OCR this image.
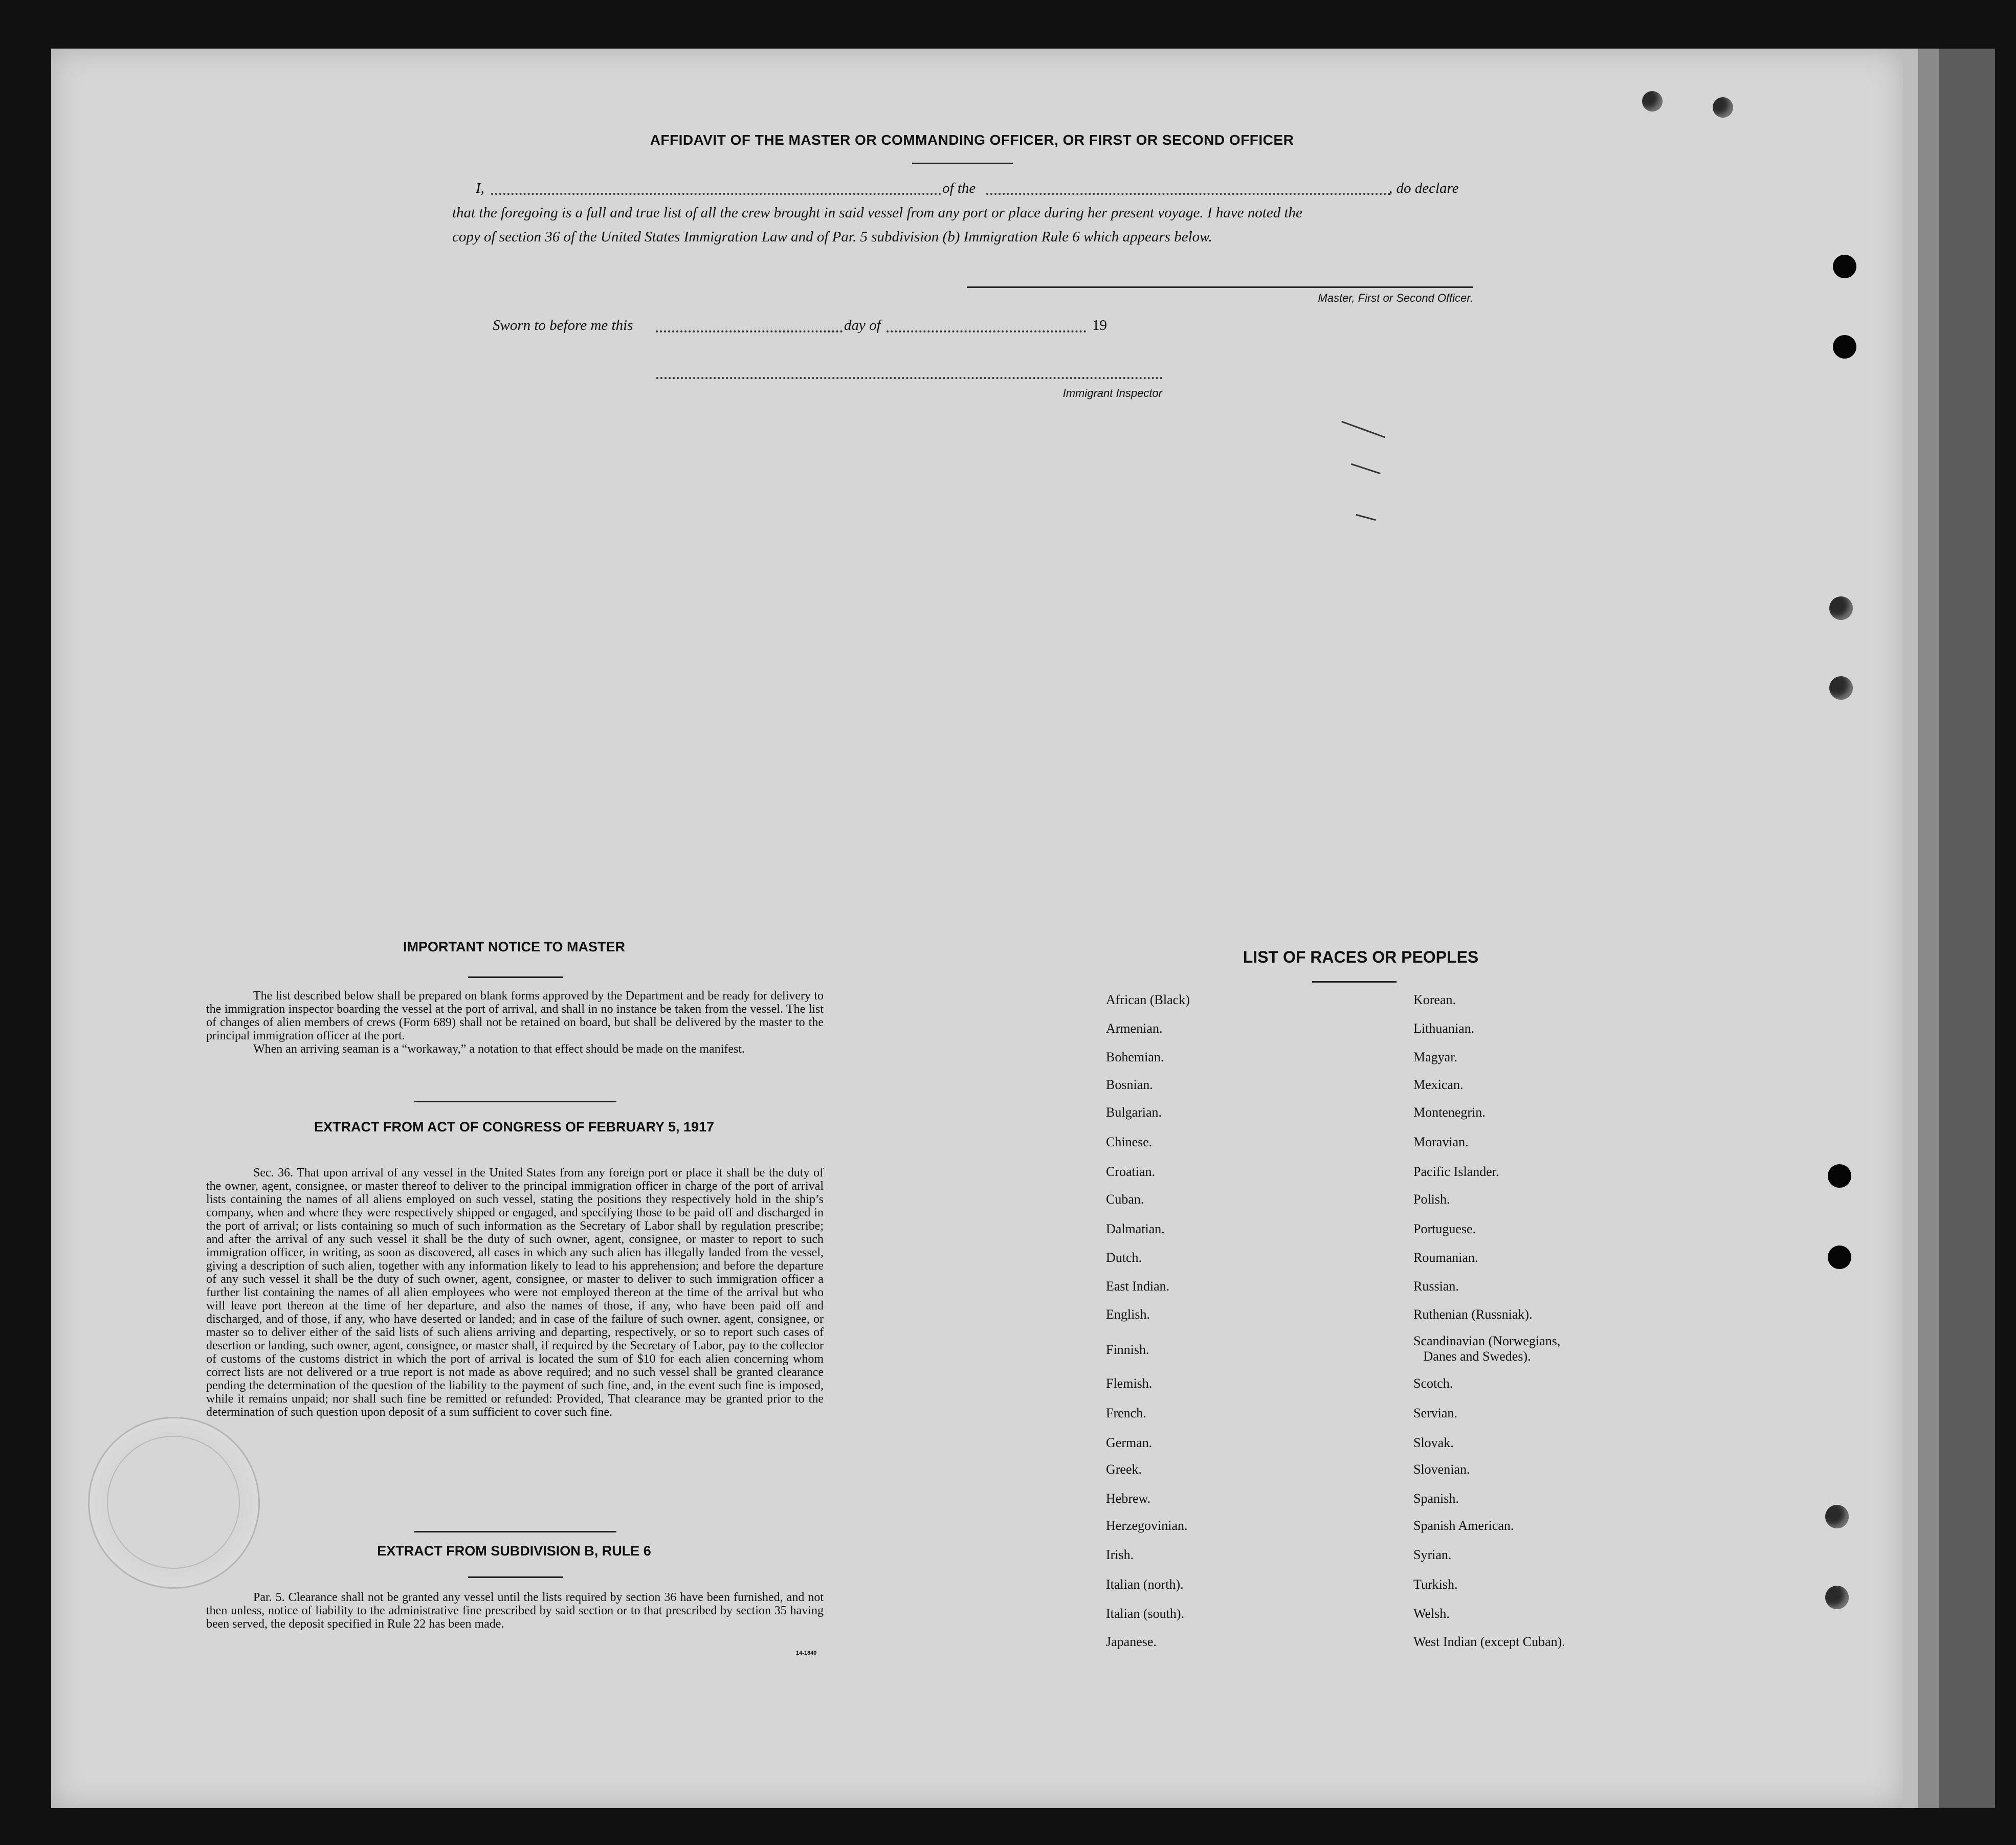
AFFIDAVIT OF THE MASTER OR COMMANDING OFFICER, OR FIRST OR SECOND OFFICER
I,	of the	, do declare
that the foregoing is a full and true list of all the crew brought in said vessel from any port or place during her present voyage. I have noted the
copy of section 36 of the United States Immigration Law and of Par. 5 subdivision (b) Immigration Rule 6 which appears below.
Master, First or Second Officer.
Sworn to before me this	day of	19
Immigrant Inspector
IMPORTANT NOTICE TO MASTER

The list described below shall be prepared on blank forms approved by the Department and be ready for delivery to the immigration inspector boarding the vessel at the port of arrival, and shall in no instance be taken from the vessel. The list of changes of alien members of crews (Form 689) shall not be retained on board, but shall be delivered by the master to the principal immigration officer at the port.

When an arriving seaman is a “workaway,” a notation to that effect should be made on the manifest.

EXTRACT FROM ACT OF CONGRESS OF FEBRUARY 5, 1917

Sec. 36. That upon arrival of any vessel in the United States from any foreign port or place it shall be the duty of the owner, agent, consignee, or master thereof to deliver to the principal immigration officer in charge of the port of arrival lists containing the names of all aliens employed on such vessel, stating the positions they respectively hold in the ship’s company, when and where they were respectively shipped or engaged, and specifying those to be paid off and discharged in the port of arrival; or lists containing so much of such information as the Secretary of Labor shall by regulation prescribe; and after the arrival of any such vessel it shall be the duty of such owner, agent, consignee, or master to report to such immigration officer, in writing, as soon as discovered, all cases in which any such alien has illegally landed from the vessel, giving a description of such alien, together with any information likely to lead to his apprehension; and before the departure of any such vessel it shall be the duty of such owner, agent, consignee, or master to deliver to such immigration officer a further list containing the names of all alien employees who were not employed thereon at the time of the arrival but who will leave port thereon at the time of her departure, and also the names of those, if any, who have been paid off and discharged, and of those, if any, who have deserted or landed; and in case of the failure of such owner, agent, consignee, or master so to deliver either of the said lists of such aliens arriving and departing, respectively, or so to report such cases of desertion or landing, such owner, agent, consignee, or master shall, if required by the Secretary of Labor, pay to the collector of customs of the customs district in which the port of arrival is located the sum of $10 for each alien concerning whom correct lists are not delivered or a true report is not made as above required; and no such vessel shall be granted clearance pending the determination of the question of the liability to the payment of such fine, and, in the event such fine is imposed, while it remains unpaid; nor shall such fine be remitted or refunded: Provided, That clearance may be granted prior to the determination of such question upon deposit of a sum sufficient to cover such fine.

EXTRACT FROM SUBDIVISION B, RULE 6

Par. 5. Clearance shall not be granted any vessel until the lists required by section 36 have been furnished, and not then unless, notice of liability to the administrative fine prescribed by said section or to that prescribed by section 35 having been served, the deposit specified in Rule 22 has been made.

14-1840
LIST OF RACES OR PEOPLES
African (Black)
Armenian.
Bohemian.
Bosnian.
Bulgarian.
Chinese.
Croatian.
Cuban.
Dalmatian.
Dutch.
East Indian.
English.
Finnish.
Flemish.
French.
German.
Greek.
Hebrew.
Herzegovinian.
Irish.
Italian (north).
Italian (south).
Japanese.
Korean.
Lithuanian.
Magyar.
Mexican.
Montenegrin.
Moravian.
Pacific Islander.
Polish.
Portuguese.
Roumanian.
Russian.
Ruthenian (Russniak).
Scandinavian (Norwegians,
Danes and Swedes).
Scotch.
Servian.
Slovak.
Slovenian.
Spanish.
Spanish American.
Syrian.
Turkish.
Welsh.
West Indian (except Cuban).
